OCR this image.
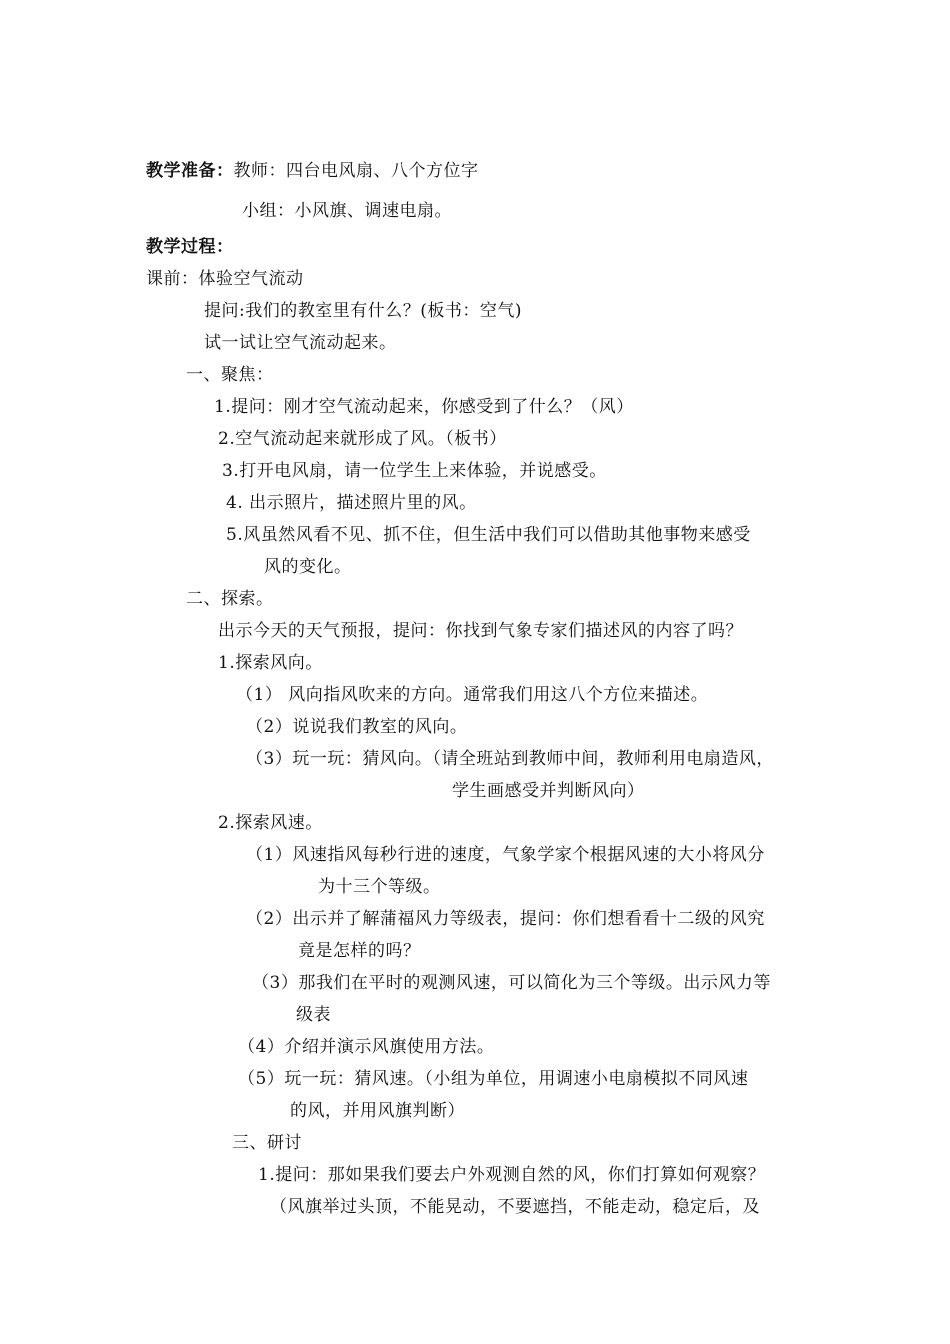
教学准备：教师：四台电风扇、八个方位字
小组：小风旗、调速电扇。
教学过程：
课前：体验空气流动
提问:我们的教室里有什么？(板书：空气)
试一试让空气流动起来。
一、聚焦：
1.提问：刚才空气流动起来，你感受到了什么？（风）
2.空气流动起来就形成了风。（板书）
3.打开电风扇，请一位学生上来体验，并说感受。
4. 出示照片，描述照片里的风。
5.风虽然风看不见、抓不住，但生活中我们可以借助其他事物来感受
风的变化。
二、探索。
出示今天的天气预报，提问：你找到气象专家们描述风的内容了吗？
1.探索风向。
（1） 风向指风吹来的方向。通常我们用这八个方位来描述。
（2）说说我们教室的风向。
（3）玩一玩：猜风向。（请全班站到教师中间，教师利用电扇造风，
学生画感受并判断风向）
2.探索风速。
（1）风速指风每秒行进的速度，气象学家个根据风速的大小将风分
为十三个等级。
（2）出示并了解蒲福风力等级表，提问：你们想看看十二级的风究
竟是怎样的吗？
（3）那我们在平时的观测风速，可以简化为三个等级。出示风力等
级表
（4）介绍并演示风旗使用方法。
（5）玩一玩：猜风速。（小组为单位，用调速小电扇模拟不同风速
的风，并用风旗判断）
三、研讨
1.提问：那如果我们要去户外观测自然的风，你们打算如何观察？
（风旗举过头顶，不能晃动，不要遮挡，不能走动，稳定后，及
